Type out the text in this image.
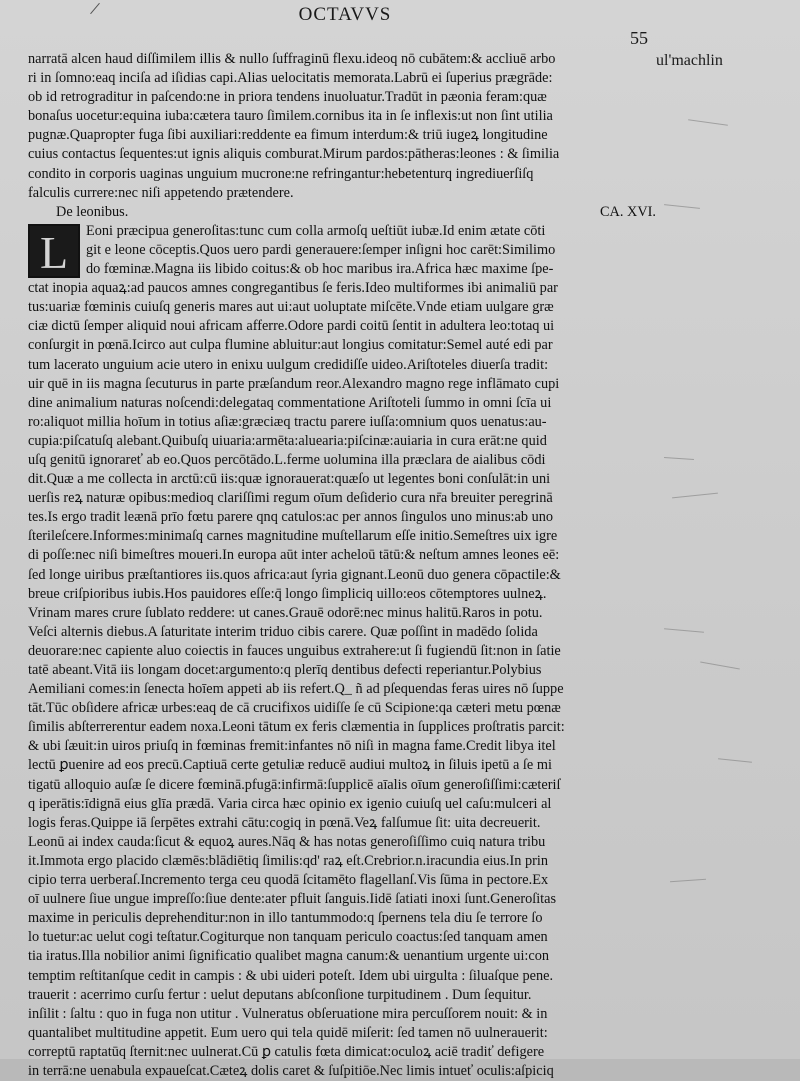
OCTAVVS
55
ul'machlin
narratā alcen haud diſſimilem illis & nullo ſuffraginū flexu.ideoq nō cubātem:& accliuē arbo
ri in ſomno:eaq inciſa ad iſidias capi.Alias uelocitatis memorata.Labrū ei ſuperius prægrāde:
ob id retrograditur in paſcendo:ne in priora tendens inuoluatur.Tradūt in pæonia feram:quæ
bonaſus uocetur:equina iuba:cætera tauro ſimilem.cornibus ita in ſe inflexis:ut non ſint utilia
pugnæ.Quapropter fuga ſibi auxiliari:reddente ea fimum interdum:& triū iugeꝝ longitudine
cuius contactus ſequentes:ut ignis aliquis comburat.Mirum pardos:pātheras:leones : & ſimilia
condito in corporis uaginas unguium mucrone:ne refringantur:hebetenturq ingrediuerſiſq
falculis currere:nec niſi appetendo prætendere.
De leonibus.	CA. XVI.
L	Eoni præcipua generoſitas:tunc cum colla armoſq ueſtiūt iubæ.Id enim ætate cōti
git e leone cōceptis.Quos uero pardi generauere:ſemper inſigni hoc carēt:Similimo
do fœminæ.Magna iis libido coitus:& ob hoc maribus ira.Africa hæc maxime ſpe-
ctat inopia aquaꝝ:ad paucos amnes congregantibus ſe feris.Ideo multiformes ibi animaliū par
tus:uariæ fœminis cuiuſq generis mares aut ui:aut uoluptate miſcēte.Vnde etiam uulgare græ
ciæ dictū ſemper aliquid noui africam afferre.Odore pardi coitū ſentit in adultera leo:totaq ui
conſurgit in pœnā.Icirco aut culpa flumine abluitur:aut longius comitatur:Semel auté edi par
tum lacerato unguium acie utero in enixu uulgum credidiſſe uideo.Ariſtoteles diuerſa tradit:
uir quē in iis magna ſecuturus in parte præſandum reor.Alexandro magno rege inflāmato cupi
dine animalium naturas noſcendi:delegataq commentatione Ariſtoteli ſummo in omni ſcīa ui
ro:aliquot millia hoīum in totius aſiæ:græciæq tractu parere iuſſa:omnium quos uenatus:au-
cupia:piſcatuſq alebant.Quibuſq uiuaria:armēta:aluearia:piſcinæ:auiaria in cura erāt:ne quid
uſq genitū ignorareť ab eo.Quos percōtādo.L.ferme uolumina illa præclara de aialibus cōdi
dit.Quæ a me collecta in arctū:cū iis:quæ ignorauerat:quæſo ut legentes boni conſulāt:in uni
uerſis reꝝ naturæ opibus:medioq clariſſimi regum oīum deſiderio cura nr̄a breuiter peregrinā
tes.Is ergo tradit leænā prīo fœtu parere qnq catulos:ac per annos ſingulos uno minus:ab uno
ſterileſcere.Informes:minimaſq carnes magnitudine muſtellarum eſſe initio.Semeſtres uix igre
di poſſe:nec niſi bimeſtres moueri.In europa aūt inter acheloū tātū:& neſtum amnes leones eē:
ſed longe uiribus præſtantiores iis.quos africa:aut ſyria gignant.Leonū duo genera cōpactile:&
breue criſpioribus iubis.Hos pauidores eſſe:q̄ longo ſimpliciq uillo:eos cōtemptores uulneꝝ.
Vrinam mares crure ſublato reddere: ut canes.Grauē odorē:nec minus halitū.Raros in potu.
Veſci alternis diebus.A ſaturitate interim triduo cibis carere. Quæ poſſint in madēdo ſolida
deuorare:nec capiente aluo coiectis in fauces unguibus extrahere:ut ſi fugiendū ſit:non in ſatie
tatē abeant.Vitā iis longam docet:argumento:q plerīq dentibus defecti reperiantur.Polybius
Aemiliani comes:in ſenecta hoīem appeti ab iis refert.Q_ ñ ad pſequendas feras uires nō ſuppe
tāt.Tūc obſidere africæ urbes:eaq de cā crucifixos uidiſſe ſe cū Scipione:qa cæteri metu pœnæ
ſimilis abſterrerentur eadem noxa.Leoni tātum ex feris clæmentia in ſupplices proſtratis parcit:
& ubi ſæuit:in uiros priuſq in fœminas fremit:infantes nō niſi in magna fame.Credit libya itel
lectū ꝑuenire ad eos precū.Captiuā certe getuliæ reducē audiui multoꝝ in ſiluis ipetū a ſe mi
tigatū alloquio auſæ ſe dicere fœminā.pfugā:infirmā:ſupplicē aīalis oīum generoſiſſimi:cæteriſ
q iperātis:īdignā eius glīa prædā. Varia circa hæc opinio ex igenio cuiuſq uel caſu:mulceri al
logis feras.Quippe iā ſerpētes extrahi cātu:cogiq in pœnā.Veꝝ falſumue ſit: uita decreuerit.
Leonū ai index cauda:ſicut & equoꝝ aures.Nāq & has notas generoſiſſimo cuiq natura tribu
it.Immota ergo placido clæmēs:blādiētiq ſimilis:qd' raꝝ eſt.Crebrior.n.iracundia eius.In prin
cipio terra uerberaſ.Incremento terga ceu quodā ſcitamēto flagellanſ.Vis ſūma in pectore.Ex
oī uulnere ſiue ungue impreſſo:ſiue dente:ater pfluit ſanguis.Iidē ſatiati inoxi ſunt.Generoſitas
maxime in periculis deprehenditur:non in illo tantummodo:q ſpernens tela diu ſe terrore ſo
lo tuetur:ac uelut cogi teſtatur.Cogiturque non tanquam periculo coactus:ſed tanquam amen
tia iratus.Illa nobilior animi ſignificatio qualibet magna canum:& uenantium urgente ui:con
temptim reſtitanſque cedit in campis : & ubi uideri poteſt. Idem ubi uirgulta : ſiluaſque pene.
trauerit : acerrimo curſu fertur : uelut deputans abſconſione turpitudinem . Dum ſequitur.
inſilit : ſaltu : quo in fuga non utitur . Vulneratus obſeruatione mira percuſſorem nouit: & in
quantalibet multitudine appetit. Eum uero qui tela quidē miſerit: ſed tamen nō uulnerauerit:
correptū raptatūq ſternit:nec uulnerat.Cū ꝑ catulis fœta dimicat:oculoꝝ aciē tradiť defigere
in terrā:ne uenabula expaueſcat.Cæteꝝ dolis caret & ſuſpitiōe.Nec limis intueť oculis:aſpiciq
